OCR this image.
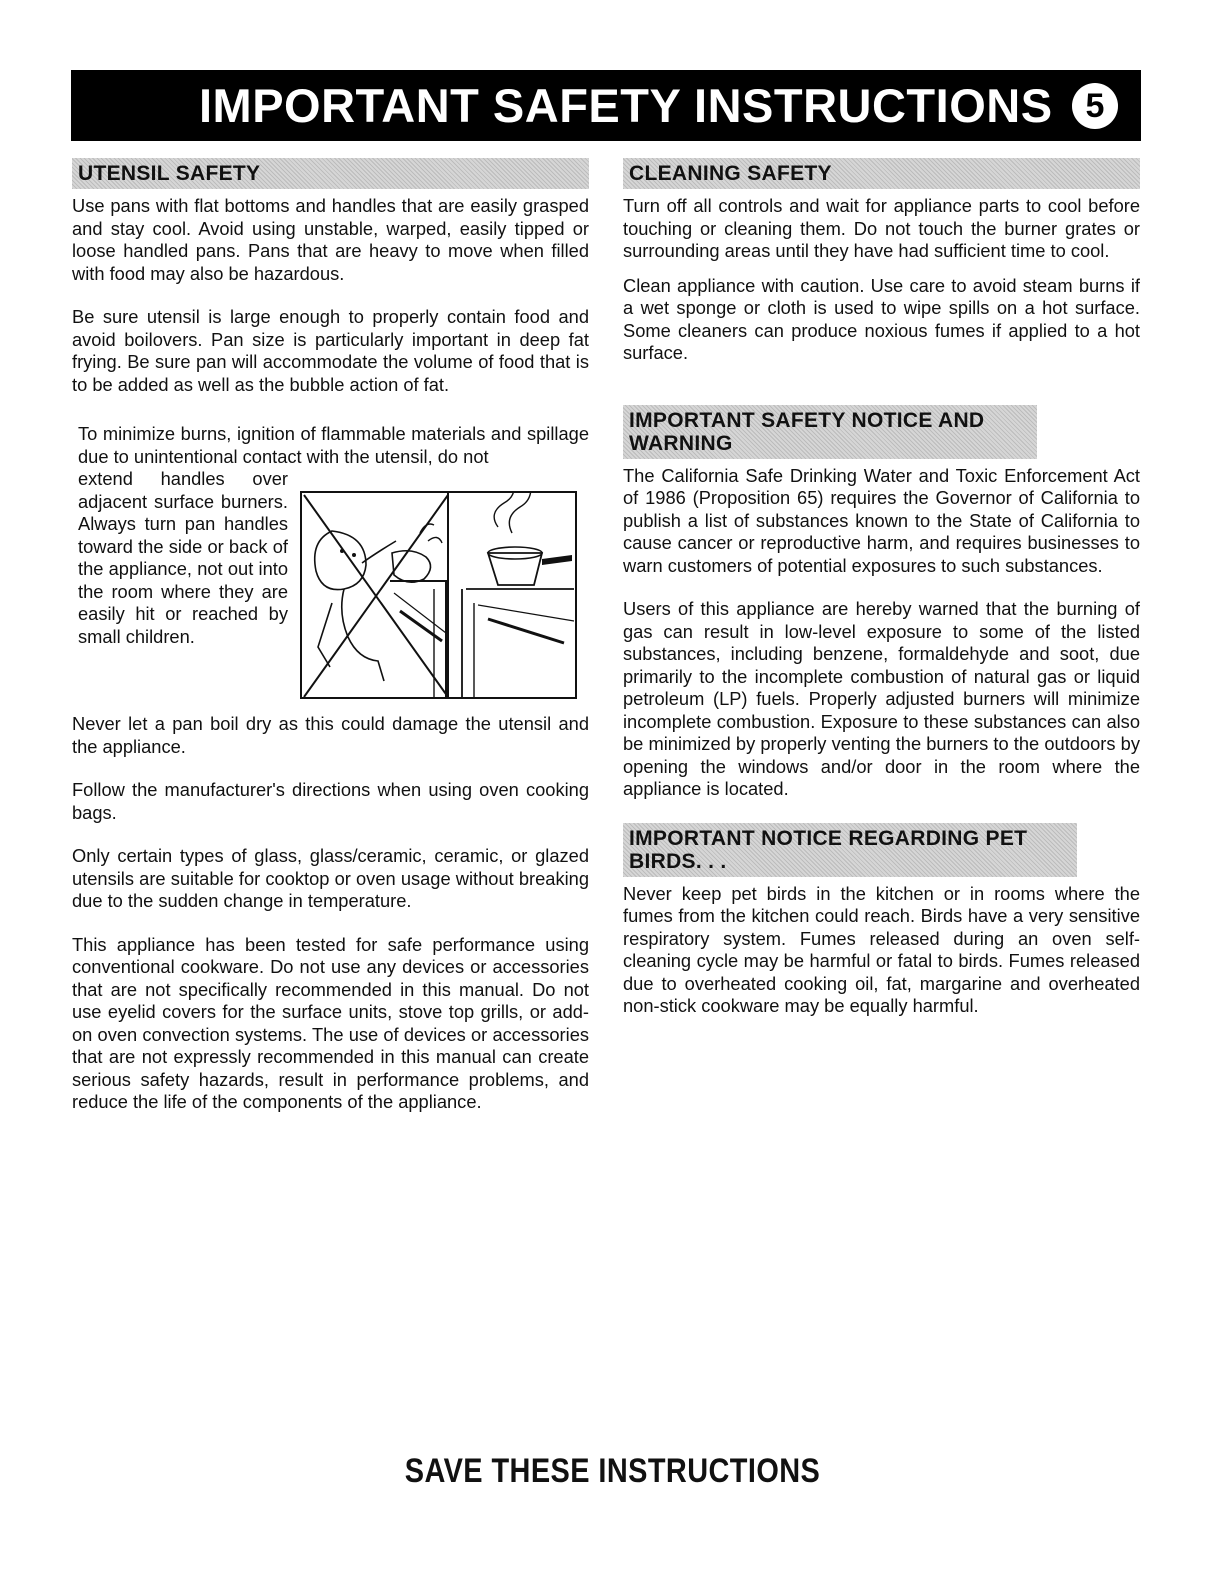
IMPORTANT SAFETY INSTRUCTIONS 5
UTENSIL SAFETY

Use pans with flat bottoms and handles that are easily grasped and stay cool. Avoid using unstable, warped, easily tipped or loose handled pans. Pans that are heavy to move when filled with food may also be hazardous.

Be sure utensil is large enough to properly contain food and avoid boilovers. Pan size is particularly important in deep fat frying. Be sure pan will accommodate the volume of food that is to be added as well as the bubble action of fat.

To minimize burns, ignition of flammable materials and spillage due to unintentional contact with the utensil, do not

extend handles over adjacent surface burners. Always turn pan handles toward the side or back of the appliance, not out into the room where they are easily hit or reached by small children.

Never let a pan boil dry as this could damage the utensil and the appliance.

Follow the manufacturer's directions when using oven cooking bags.

Only certain types of glass, glass/ceramic, ceramic, or glazed utensils are suitable for cooktop or oven usage without breaking due to the sudden change in temperature.

This appliance has been tested for safe performance using conventional cookware. Do not use any devices or accessories that are not specifically recommended in this manual. Do not use eyelid covers for the surface units, stove top grills, or add-on oven convection systems. The use of devices or accessories that are not expressly recommended in this manual can create serious safety hazards, result in performance problems, and reduce the life of the components of the appliance.

CLEANING SAFETY

Turn off all controls and wait for appliance parts to cool before touching or cleaning them. Do not touch the burner grates or surrounding areas until they have had sufficient time to cool.

Clean appliance with caution. Use care to avoid steam burns if a wet sponge or cloth is used to wipe spills on a hot surface. Some cleaners can produce noxious fumes if applied to a hot surface.

IMPORTANT SAFETY NOTICE AND WARNING

The California Safe Drinking Water and Toxic Enforcement Act of 1986 (Proposition 65) requires the Governor of California to publish a list of substances known to the State of California to cause cancer or reproductive harm, and requires businesses to warn customers of potential exposures to such substances.

Users of this appliance are hereby warned that the burning of gas can result in low-level exposure to some of the listed substances, including benzene, formaldehyde and soot, due primarily to the incomplete combustion of natural gas or liquid petroleum (LP) fuels. Properly adjusted burners will minimize incomplete combustion. Exposure to these substances can also be minimized by properly venting the burners to the outdoors by opening the windows and/or door in the room where the appliance is located.

IMPORTANT NOTICE REGARDING PET BIRDS. . .

Never keep pet birds in the kitchen or in rooms where the fumes from the kitchen could reach. Birds have a very sensitive respiratory system. Fumes released during an oven self-cleaning cycle may be harmful or fatal to birds. Fumes released due to overheated cooking oil, fat, margarine and overheated non-stick cookware may be equally harmful.

SAVE THESE INSTRUCTIONS
